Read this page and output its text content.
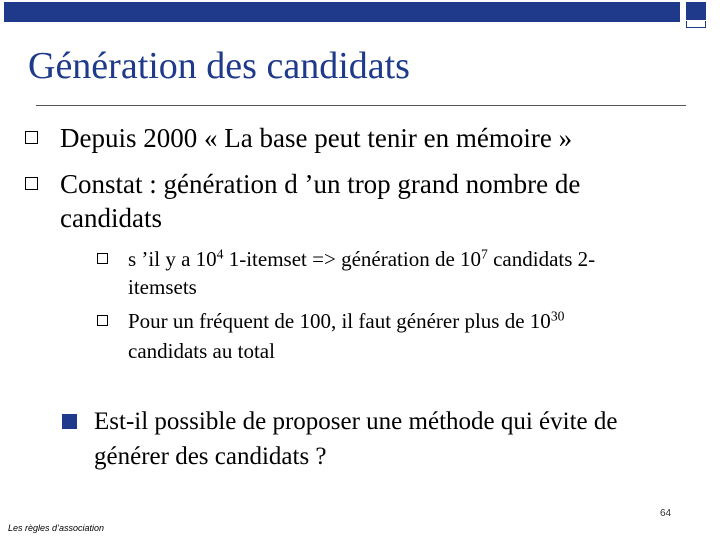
Génération des candidats
Depuis 2000 « La base peut tenir en mémoire »
Constat : génération d ’un trop grand nombre de
candidats
s ’il y a $10^4$ 1-itemset => génération de $10^7$ candidats 2-
itemsets
Pour un fréquent de 100, il faut générer plus de $10^{30}$
candidats au total
Est-il possible de proposer une méthode qui évite de
générer des candidats ?
64
Les règles d’association
